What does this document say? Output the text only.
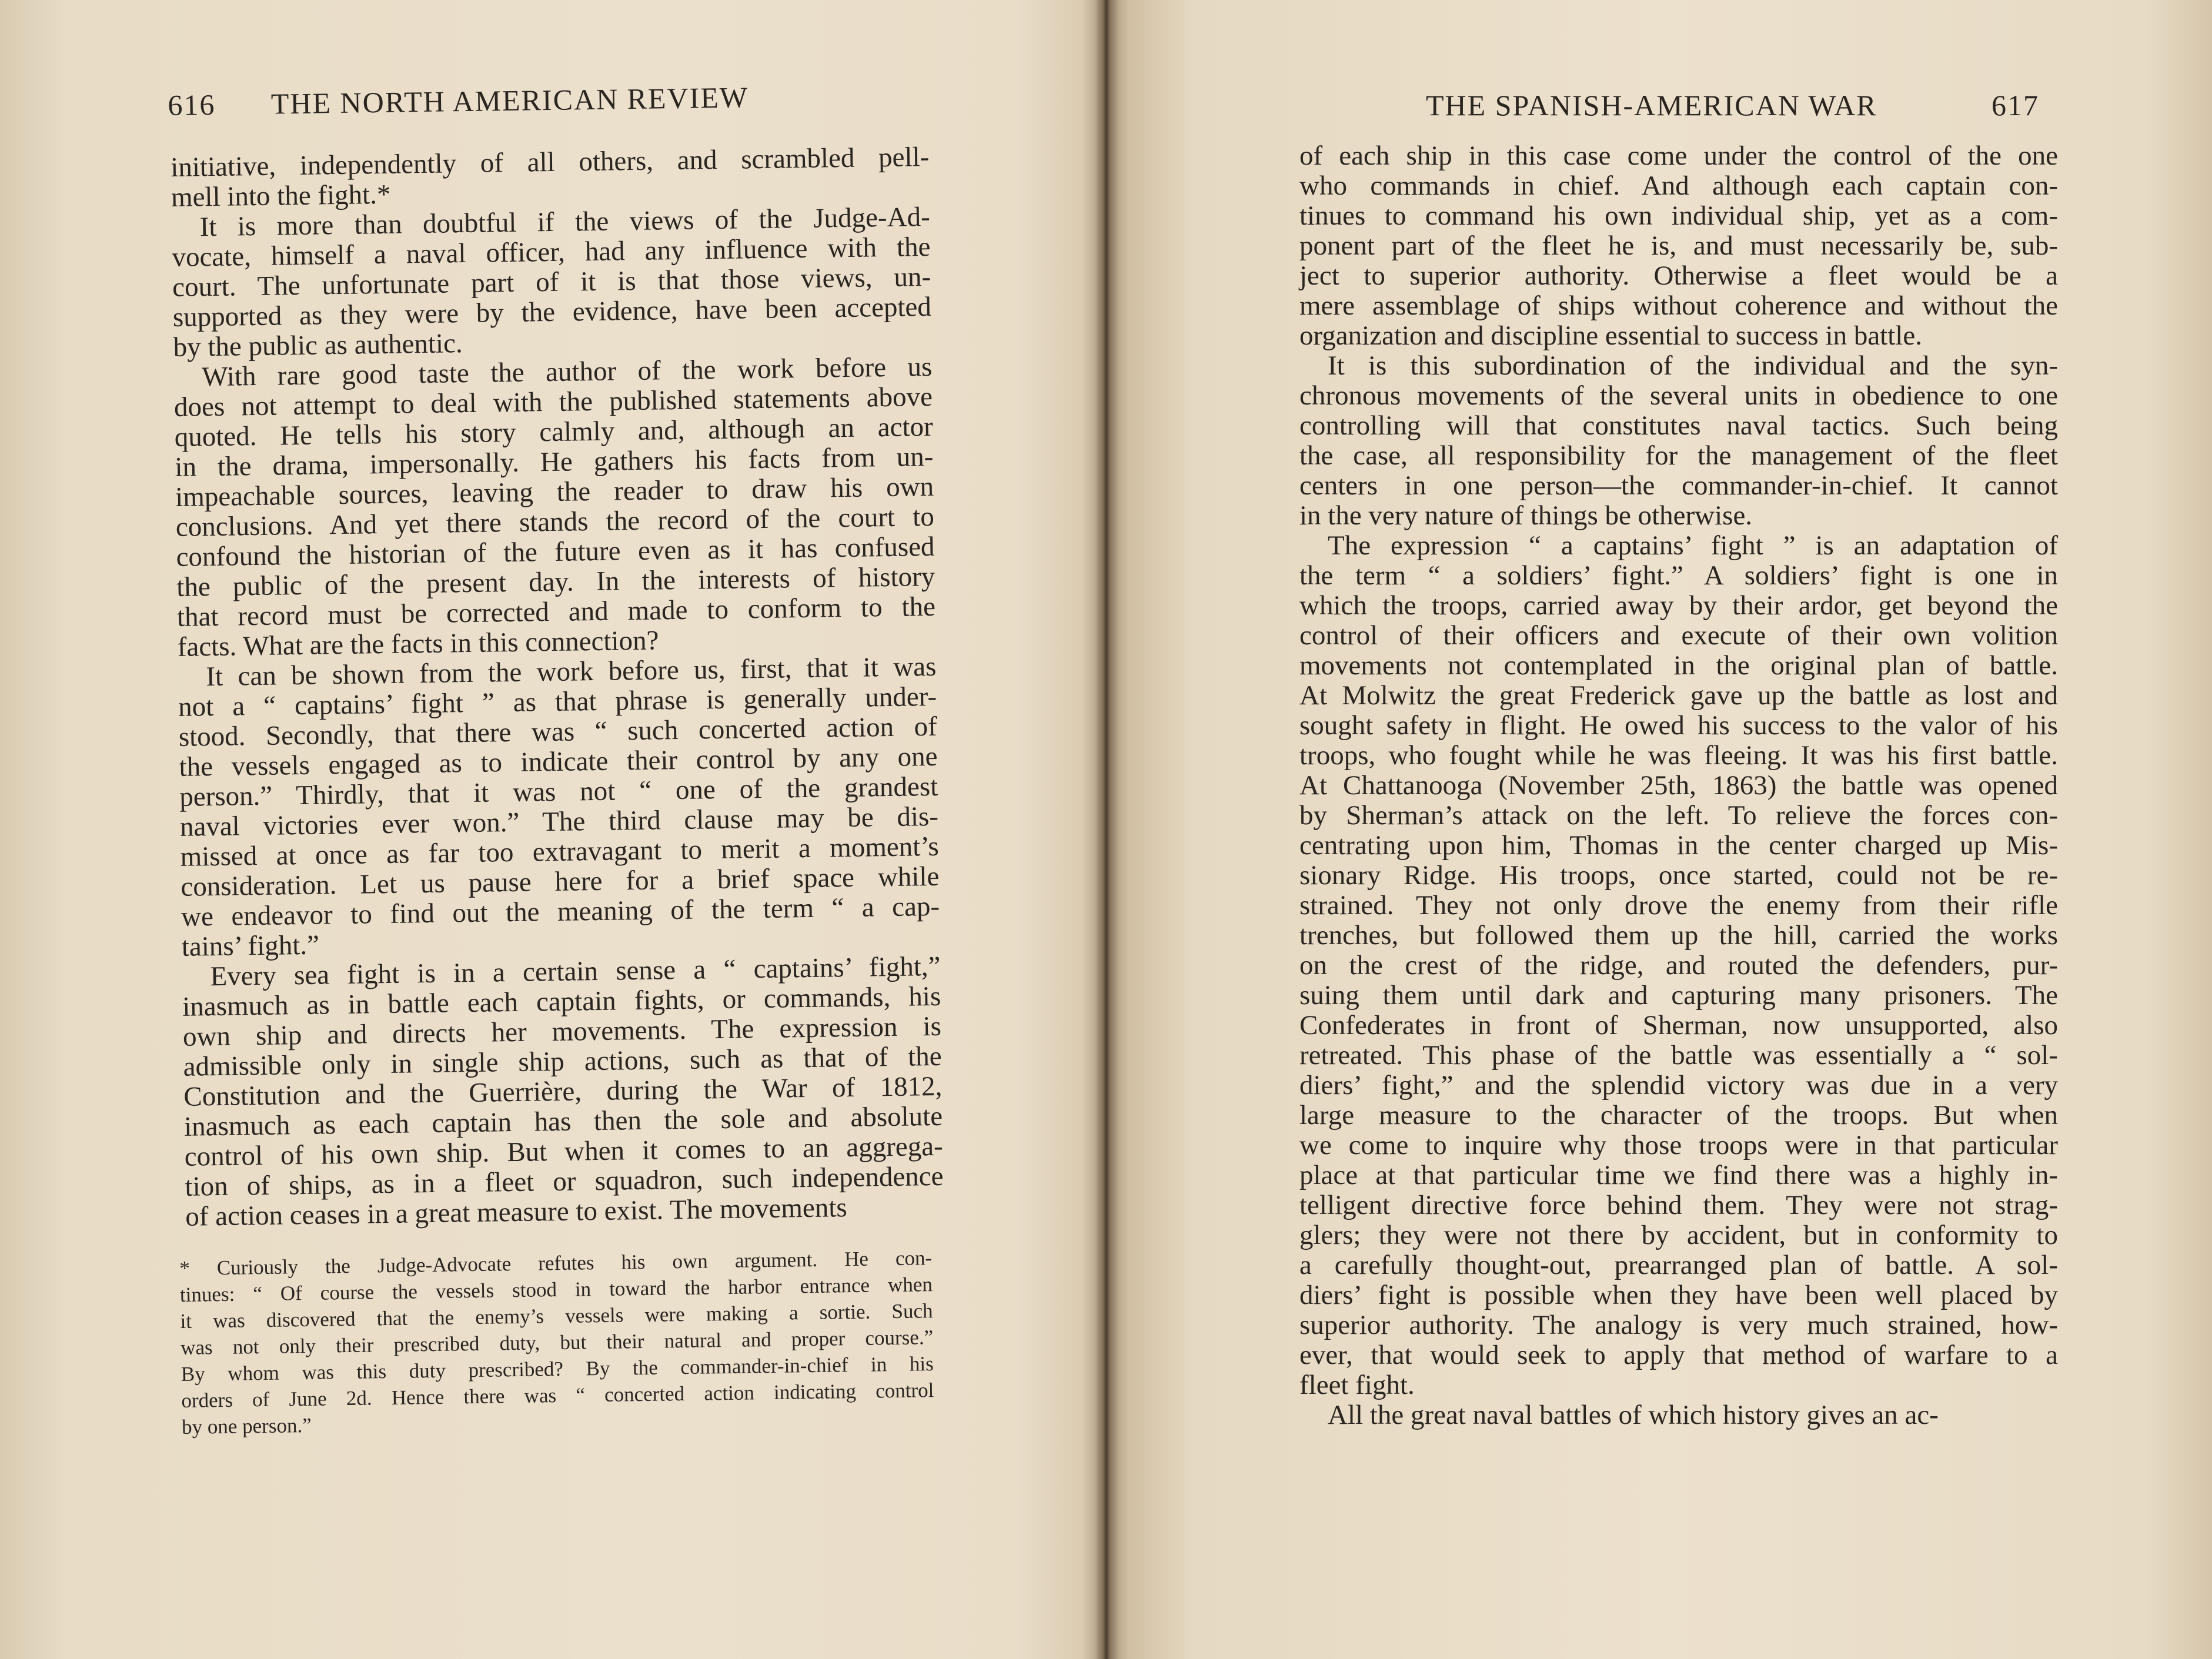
616 THE NORTH AMERICAN REVIEW
initiative, independently of all others, and scrambled pell-
mell into the fight.*
It is more than doubtful if the views of the Judge-Ad-
vocate, himself a naval officer, had any influence with the
court. The unfortunate part of it is that those views, un-
supported as they were by the evidence, have been accepted
by the public as authentic.
With rare good taste the author of the work before us
does not attempt to deal with the published statements above
quoted. He tells his story calmly and, although an actor
in the drama, impersonally. He gathers his facts from un-
impeachable sources, leaving the reader to draw his own
conclusions. And yet there stands the record of the court to
confound the historian of the future even as it has confused
the public of the present day. In the interests of history
that record must be corrected and made to conform to the
facts. What are the facts in this connection?
It can be shown from the work before us, first, that it was
not a “ captains’ fight ” as that phrase is generally under-
stood. Secondly, that there was “ such concerted action of
the vessels engaged as to indicate their control by any one
person.” Thirdly, that it was not “ one of the grandest
naval victories ever won.” The third clause may be dis-
missed at once as far too extravagant to merit a moment’s
consideration. Let us pause here for a brief space while
we endeavor to find out the meaning of the term “ a cap-
tains’ fight.”
Every sea fight is in a certain sense a “ captains’ fight,”
inasmuch as in battle each captain fights, or commands, his
own ship and directs her movements. The expression is
admissible only in single ship actions, such as that of the
Constitution and the Guerrière, during the War of 1812,
inasmuch as each captain has then the sole and absolute
control of his own ship. But when it comes to an aggrega-
tion of ships, as in a fleet or squadron, such independence
of action ceases in a great measure to exist. The movements
* Curiously the Judge-Advocate refutes his own argument. He con-
tinues: “ Of course the vessels stood in toward the harbor entrance when
it was discovered that the enemy’s vessels were making a sortie. Such
was not only their prescribed duty, but their natural and proper course.”
By whom was this duty prescribed? By the commander-in-chief in his
orders of June 2d. Hence there was “ concerted action indicating control
by one person.”
THE SPANISH-AMERICAN WAR	617
of each ship in this case come under the control of the one
who commands in chief. And although each captain con-
tinues to command his own individual ship, yet as a com-
ponent part of the fleet he is, and must necessarily be, sub-
ject to superior authority. Otherwise a fleet would be a
mere assemblage of ships without coherence and without the
organization and discipline essential to success in battle.
It is this subordination of the individual and the syn-
chronous movements of the several units in obedience to one
controlling will that constitutes naval tactics. Such being
the case, all responsibility for the management of the fleet
centers in one person—the commander-in-chief. It cannot
in the very nature of things be otherwise.
The expression “ a captains’ fight ” is an adaptation of
the term “ a soldiers’ fight.” A soldiers’ fight is one in
which the troops, carried away by their ardor, get beyond the
control of their officers and execute of their own volition
movements not contemplated in the original plan of battle.
At Molwitz the great Frederick gave up the battle as lost and
sought safety in flight. He owed his success to the valor of his
troops, who fought while he was fleeing. It was his first battle.
At Chattanooga (November 25th, 1863) the battle was opened
by Sherman’s attack on the left. To relieve the forces con-
centrating upon him, Thomas in the center charged up Mis-
sionary Ridge. His troops, once started, could not be re-
strained. They not only drove the enemy from their rifle
trenches, but followed them up the hill, carried the works
on the crest of the ridge, and routed the defenders, pur-
suing them until dark and capturing many prisoners. The
Confederates in front of Sherman, now unsupported, also
retreated. This phase of the battle was essentially a “ sol-
diers’ fight,” and the splendid victory was due in a very
large measure to the character of the troops. But when
we come to inquire why those troops were in that particular
place at that particular time we find there was a highly in-
telligent directive force behind them. They were not strag-
glers; they were not there by accident, but in conformity to
a carefully thought-out, prearranged plan of battle. A sol-
diers’ fight is possible when they have been well placed by
superior authority. The analogy is very much strained, how-
ever, that would seek to apply that method of warfare to a
fleet fight.
All the great naval battles of which history gives an ac-
